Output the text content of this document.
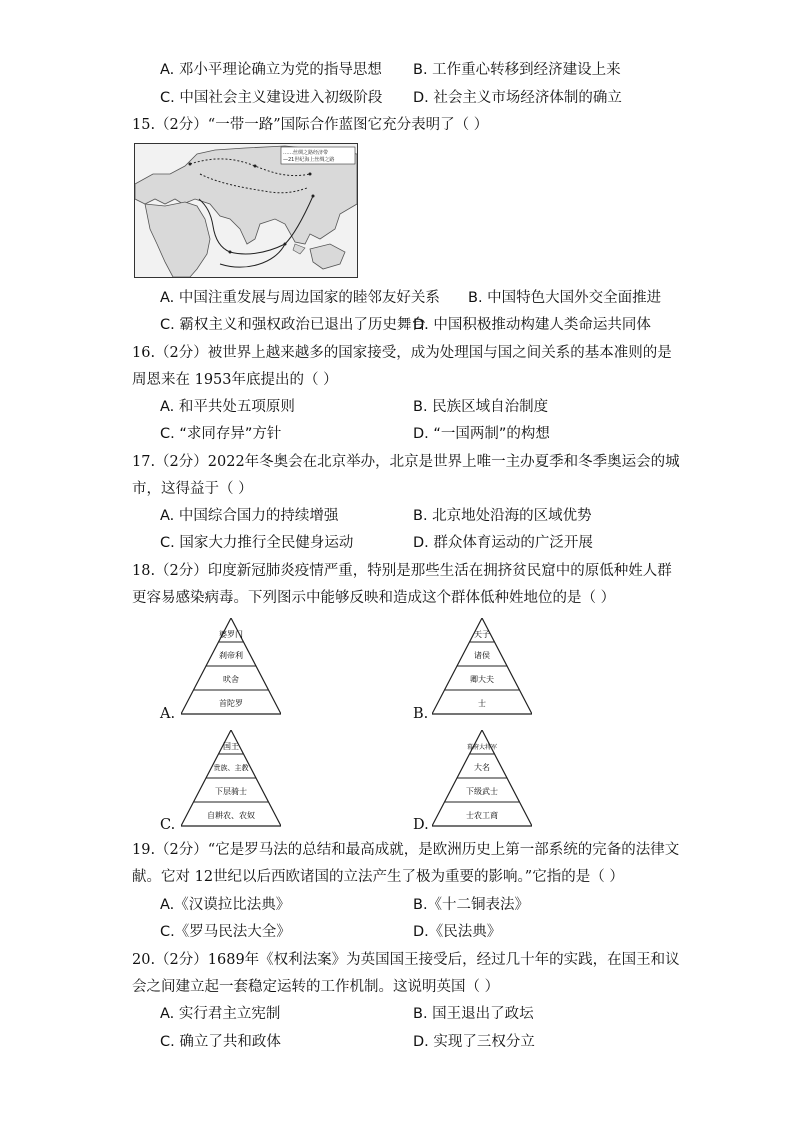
A. 邓小平理论确立为党的指导思想 B. 工作重心转移到经济建设上来
C. 中国社会主义建设进入初级阶段 D. 社会主义市场经济体制的确立
15.（2分）“一带一路”国际合作蓝图它充分表明了（ ）
……丝绸之路经济带
—21世纪海上丝绸之路
A. 中国注重发展与周边国家的睦邻友好关系 B. 中国特色大国外交全面推进
C. 霸权主义和强权政治已退出了历史舞台
D. 中国积极推动构建人类命运共同体
16.（2分）被世界上越来越多的国家接受，成为处理国与国之间关系的基本准则的是
周恩来在 1953年底提出的（ ）
A. 和平共处五项原则	B. 民族区域自治制度
C. “求同存异”方针	D. “一国两制”的构想
17.（2分）2022年冬奥会在北京举办，北京是世界上唯一主办夏季和冬季奥运会的城
市，这得益于（ ）
A. 中国综合国力的持续增强	B. 北京地处沿海的区域优势
C. 国家大力推行全民健身运动	D. 群众体育运动的广泛开展
18.（2分）印度新冠肺炎疫情严重，特别是那些生活在拥挤贫民窟中的原低种姓人群
更容易感染病毒。下列图示中能够反映和造成这个群体低种姓地位的是（ ）
A.	B.
C.	D.
婆罗门
刹帝利
吠舍
首陀罗
天子
诸侯
卿大夫
士
国王
贵族、主教
下层骑士
自耕农、农奴
幕府大将军
大名
下级武士
士农工商
19.（2分）“它是罗马法的总结和最高成就，是欧洲历史上第一部系统的完备的法律文
献。它对 12世纪以后西欧诸国的立法产生了极为重要的影响。”它指的是（ ）
A.《汉谟拉比法典》	B.《十二铜表法》
C.《罗马民法大全》	D.《民法典》
20.（2分）1689年《权利法案》为英国国王接受后，经过几十年的实践，在国王和议
会之间建立起一套稳定运转的工作机制。这说明英国（ ）
A. 实行君主立宪制	B. 国王退出了政坛
C. 确立了共和政体	D. 实现了三权分立
